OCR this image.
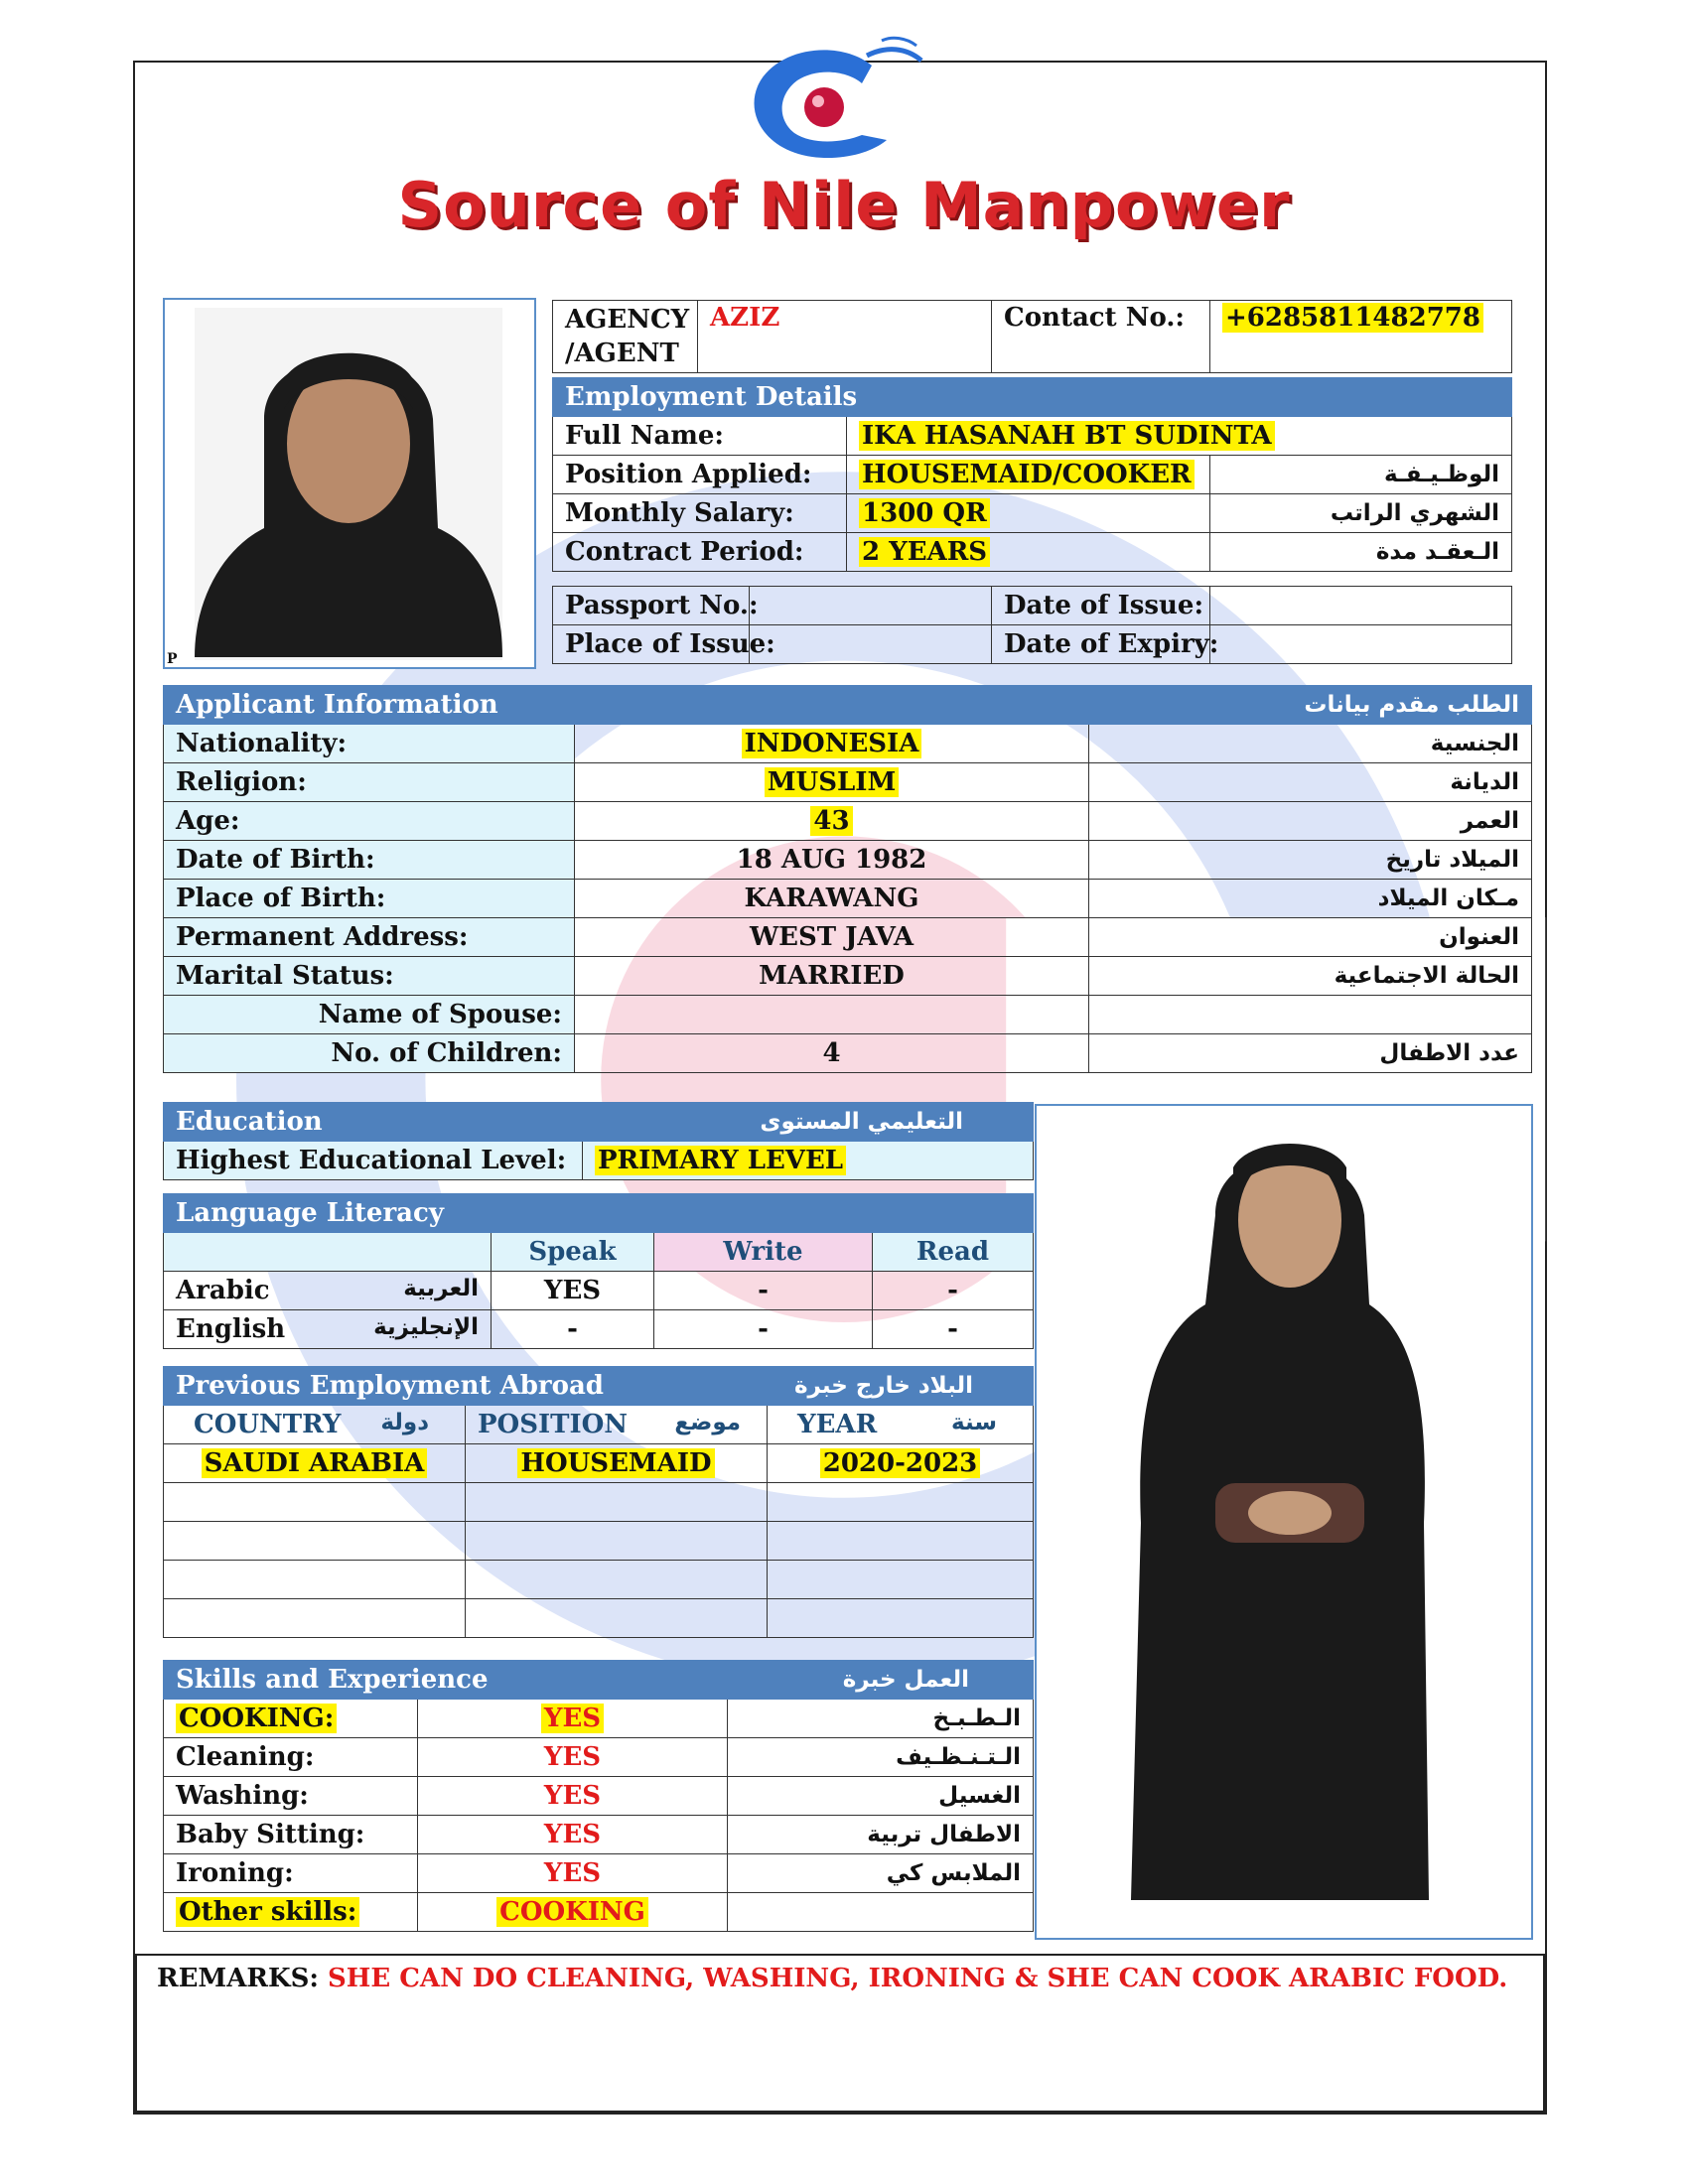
Source of Nile Manpower
P
AGENCY
/AGENT	AZIZ	Contact No.:	+6285811482778
Employment Details		
Full Name:	IKA HASANAH BT SUDINTA	
Position Applied:	HOUSEMAID/COOKER	الوظـيـفـة
Monthly Salary:	1300 QR	الشهري الراتب
Contract Period:	2 YEARS	الـعقـد مدة
Passport No.:		Date of Issue:	
Place of Issue:		Date of Expiry:	
Applicant Information		الطلب مقدم بيانات
Nationality:	INDONESIA	الجنسية
Religion:	MUSLIM	الديانة
Age:	43	العمر
Date of Birth:	18 AUG 1982	الميلاد تاريخ
Place of Birth:	KARAWANG	مـكان الميلاد
Permanent Address:	WEST JAVA	العنوان
Marital Status:	MARRIED	الحالة الاجتماعية
Name of Spouse:		
No. of Children:	4	عدد الاطفال
Education	التعليمي المستوى
Highest Educational Level:	PRIMARY LEVEL
Language Literacy			
	Speak	Write	Read
Arabic العربية	YES	-	-
English الإنجليزية	-	-	-
Previous Employment Abroad		البلاد خارج خبرة
COUNTRY دولة	POSITION موضع	YEAR سنة

SAUDI ARABIA	HOUSEMAID	2020-2023

Skills and Experience		العمل خبرة
COOKING:	YES	الـطـبـخ
Cleaning:	YES	الـتـنـظـيف
Washing:	YES	الغسيل
Baby Sitting:	YES	الاطفال تربية
Ironing:	YES	الملابس كي
Other skills:	COOKING	
REMARKS: SHE CAN DO CLEANING, WASHING, IRONING & SHE CAN COOK ARABIC FOOD.
